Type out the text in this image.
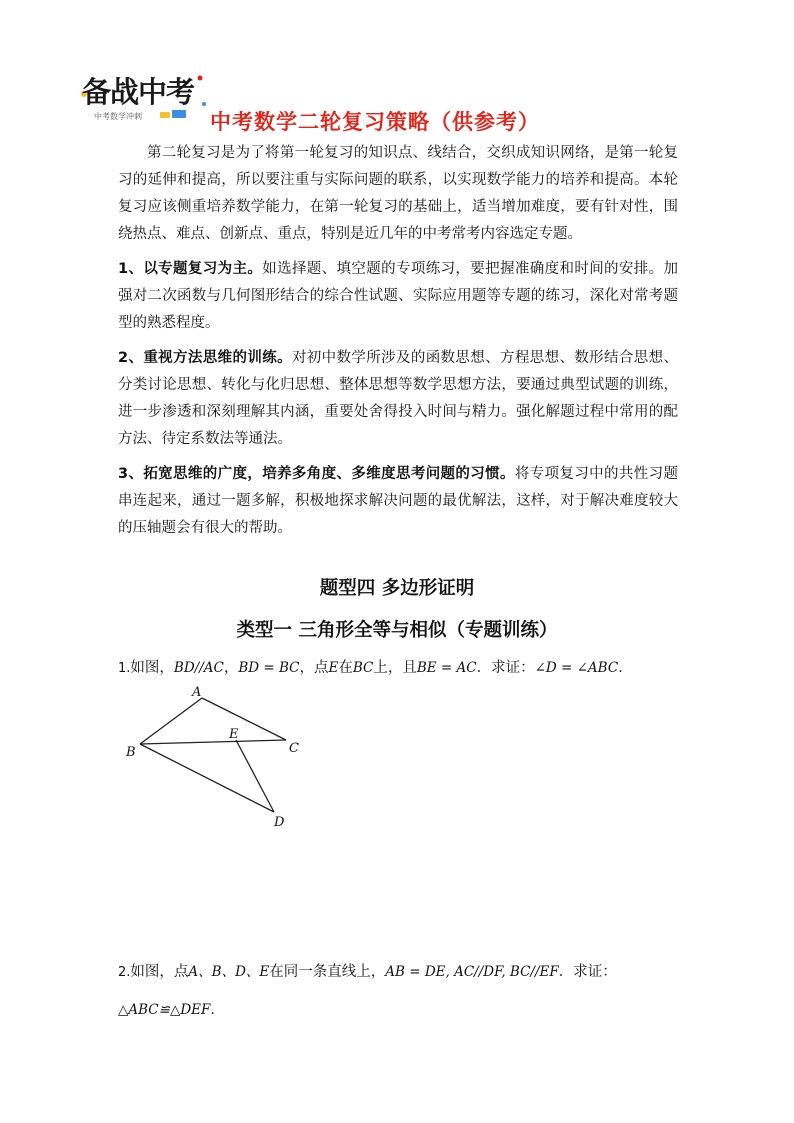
备战中考
中考数学冲刺	中考数学二轮复习策略（供参考）

第二轮复习是为了将第一轮复习的知识点、线结合，交织成知识网络，是第一轮复习的延伸和提高，所以要注重与实际问题的联系，以实现数学能力的培养和提高。本轮复习应该侧重培养数学能力，在第一轮复习的基础上，适当增加难度，要有针对性，围绕热点、难点、创新点、重点，特别是近几年的中考常考内容选定专题。

1、以专题复习为主。如选择题、填空题的专项练习，要把握准确度和时间的安排。加强对二次函数与几何图形结合的综合性试题、实际应用题等专题的练习，深化对常考题型的熟悉程度。

2、重视方法思维的训练。对初中数学所涉及的函数思想、方程思想、数形结合思想、分类讨论思想、转化与化归思想、整体思想等数学思想方法，要通过典型试题的训练，进一步渗透和深刻理解其内涵，重要处舍得投入时间与精力。强化解题过程中常用的配方法、待定系数法等通法。

3、拓宽思维的广度，培养多角度、多维度思考问题的习惯。将专项复习中的共性习题串连起来，通过一题多解，积极地探求解决问题的最优解法，这样，对于解决难度较大的压轴题会有很大的帮助。

题型四 多边形证明
类型一 三角形全等与相似（专题训练）
1.如图，BD//AC，BD = BC，点E在BC上，且BE = AC．求证：∠D = ∠ABC．
A
B	C
D
E
2.如图，点A、B、D、E在同一条直线上，AB = DE, AC//DF, BC//EF．求证：
△ABC≌△DEF．
